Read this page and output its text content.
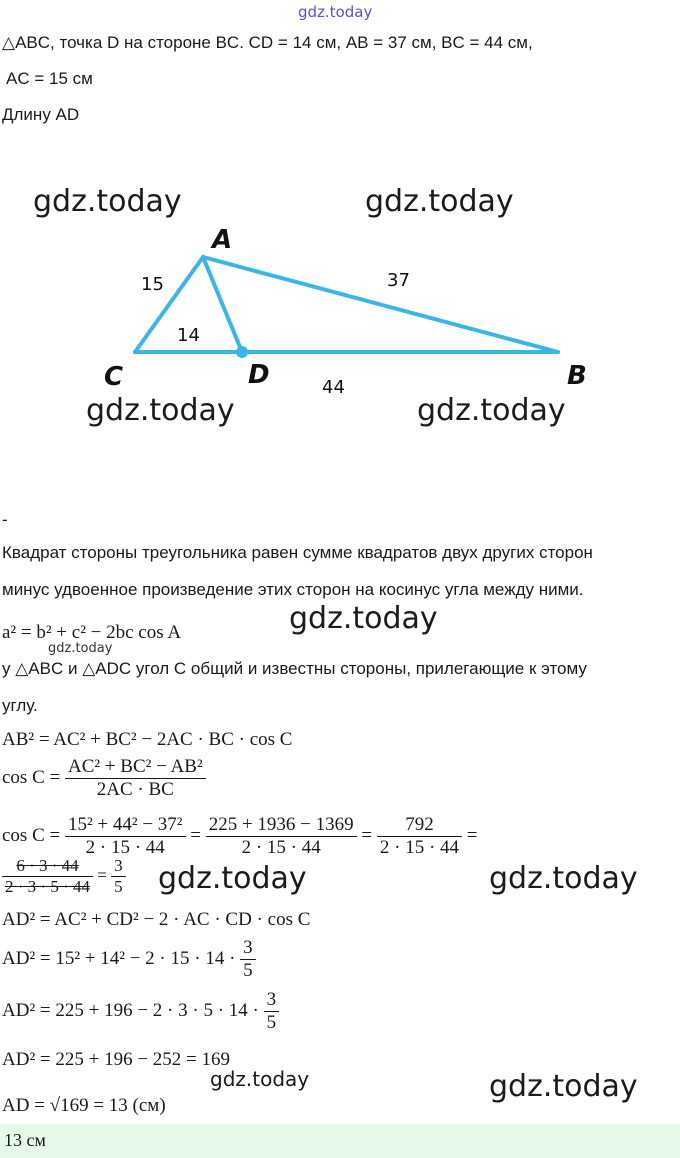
gdz.today
gdz.today	gdz.today
gdz.today	gdz.today
gdz.today
gdz.today
gdz.today	gdz.today
gdz.today	gdz.today
△ABC, точка D на стороне BC. CD = 14 см, AB = 37 см, BC = 44 см,
AC = 15 см
Длину AD
A
C	D	B
15	37
14
44
-
Квадрат стороны треугольника равен сумме квадратов двух других сторон
минус удвоенное произведение этих сторон на косинус угла между ними.
a² = b² + c² − 2bc cos A
у △ABC и △ADC угол C общий и известны стороны, прилегающие к этому
углу.
AB² = AC² + BC² − 2AC · BC · cos C
$\cos C = \frac{\text{AC² + BC² − AB²}}{2AC \cdot BC}$
$\cos C = \frac{\text{15² + 44² − 37²}}{2 \cdot 15 \cdot 44} = \frac{225 + 1936 - 1369}{2 \cdot 15 \cdot 44} = \frac{792}{2 \cdot 15 \cdot 44}$ =
$\frac{6 \cdot 3 \cdot 44}{2 \cdot 3 \cdot 5 \cdot 44} = \frac{3}{5}$
AD² = AC² + CD² − 2 · AC · CD · cos C
$AD^2 = 15^2 + 14^2 - 2 \cdot 15 \cdot 14 \cdot \frac{3}{5}$
$AD^2 = 225 + 196 - 2 \cdot 3 \cdot 5 \cdot 14 \cdot \frac{3}{5}$
AD² = 225 + 196 − 252 = 169
AD = √169 = 13 (см)
13 см
